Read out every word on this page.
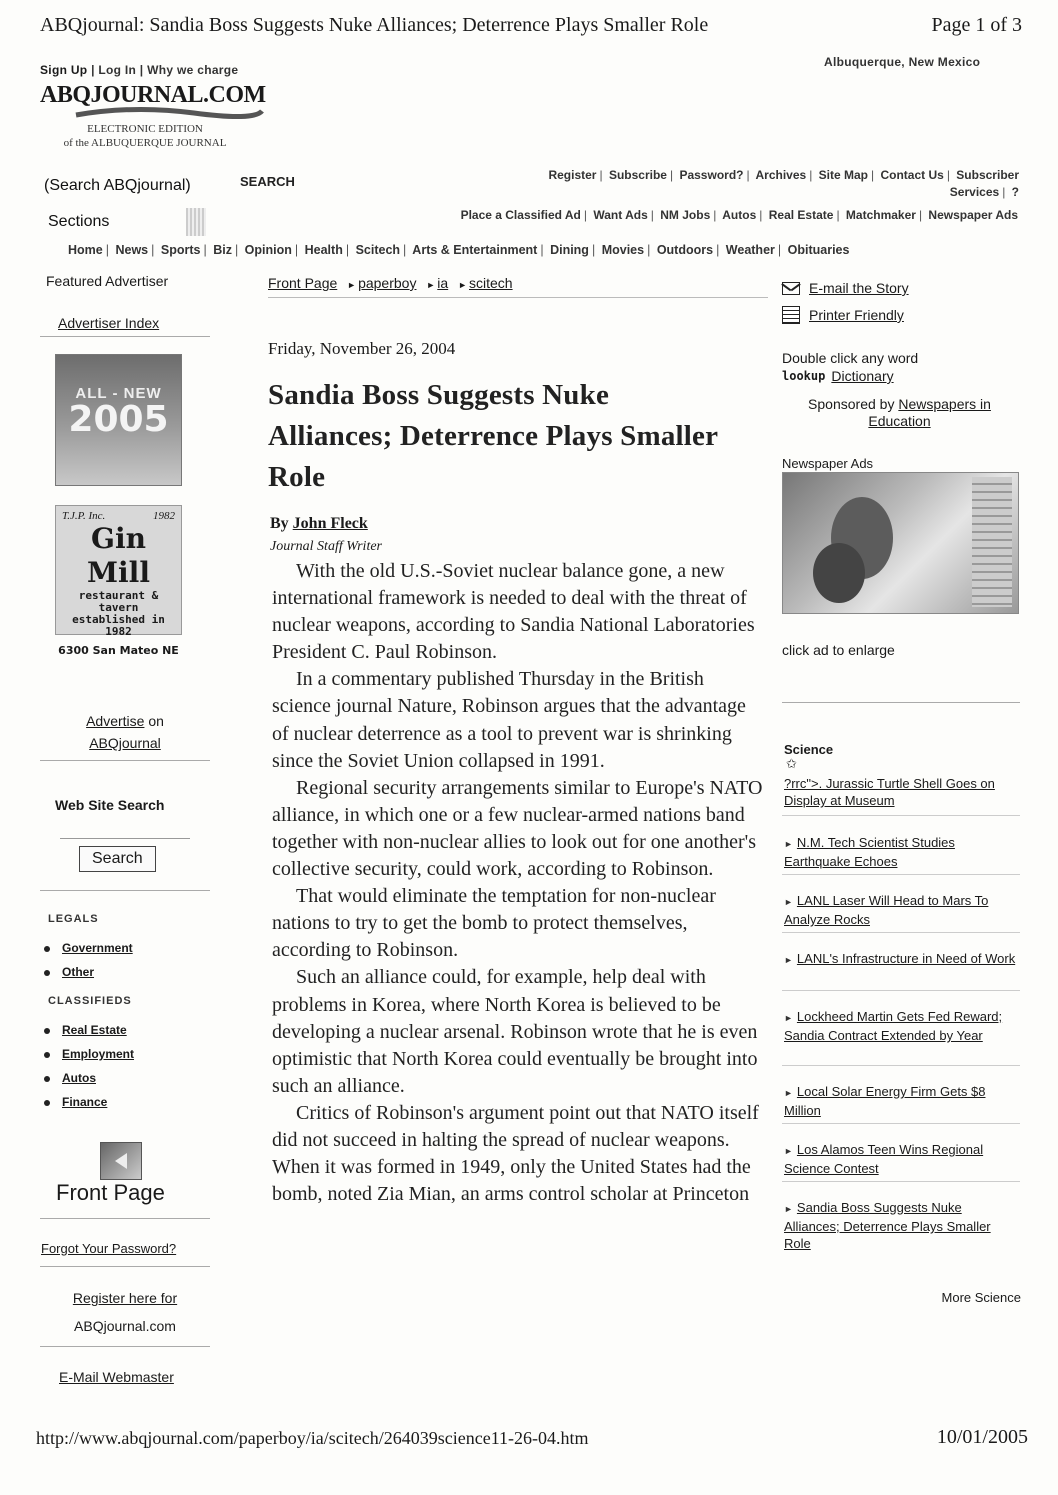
ABQjournal: Sandia Boss Suggests Nuke Alliances; Deterrence Plays Smaller Role	Page 1 of 3
http://www.abqjournal.com/paperboy/ia/scitech/264039science11-26-04.htm	10/01/2005
Sign Up | Log In | Why we charge
Albuquerque, New Mexico
ABQJOURNAL.COM
ELECTRONIC EDITION
of the ALBUQUERQUE JOURNAL
(Search ABQjournal)	SEARCH
Sections
Register | Subscribe | Password? | Archives | Site Map | Contact Us | Subscriber
Services | ?
Place a Classified Ad | Want Ads | NM Jobs | Autos | Real Estate | Matchmaker | Newspaper Ads
Home | News | Sports | Biz | Opinion | Health | Scitech | Arts & Entertainment | Dining | Movies | Outdoors | Weather | Obituaries
Featured Advertiser
Advertiser Index
ALL - NEW
2005
T.J.P. Inc.	1982
Gin Mill
restaurant & tavern
established in 1982
6300 San Mateo NE
Advertise on
ABQjournal
Web Site Search
Search
LEGALS
Government
Other
CLASSIFIEDS
Real Estate
Employment
Autos
Finance
Front Page
Forgot Your Password?
Register here for
ABQjournal.com
E-Mail Webmaster
Front Page ► paperboy ► ia ► scitech
Friday, November 26, 2004
Sandia Boss Suggests Nuke Alliances; Deterrence Plays Smaller Role
By John Fleck
Journal Staff Writer

With the old U.S.-Soviet nuclear balance gone, a new international framework is needed to deal with the threat of nuclear weapons, according to Sandia National Laboratories President C. Paul Robinson.

In a commentary published Thursday in the British science journal Nature, Robinson argues that the advantage of nuclear deterrence as a tool to prevent war is shrinking since the Soviet Union collapsed in 1991.

Regional security arrangements similar to Europe's NATO alliance, in which one or a few nuclear-armed nations band together with non-nuclear allies to look out for one another's collective security, could work, according to Robinson.

That would eliminate the temptation for non-nuclear nations to try to get the bomb to protect themselves, according to Robinson.

Such an alliance could, for example, help deal with problems in Korea, where North Korea is believed to be developing a nuclear arsenal. Robinson wrote that he is even optimistic that North Korea could eventually be brought into such an alliance.

Critics of Robinson's argument point out that NATO itself did not succeed in halting the spread of nuclear weapons. When it was formed in 1949, only the United States had the bomb, noted Zia Mian, an arms control scholar at Princeton

E-mail the Story
Printer Friendly
Double click any word
lookup Dictionary
Sponsored by Newspapers in Education
Newspaper Ads
click ad to enlarge
Science
✩
?rrc">. Jurassic Turtle Shell Goes on Display at Museum
► N.M. Tech Scientist Studies Earthquake Echoes
► LANL Laser Will Head to Mars To Analyze Rocks
► LANL's Infrastructure in Need of Work
► Lockheed Martin Gets Fed Reward; Sandia Contract Extended by Year
► Local Solar Energy Firm Gets $8 Million
► Los Alamos Teen Wins Regional Science Contest
► Sandia Boss Suggests Nuke Alliances; Deterrence Plays Smaller Role
More Science
